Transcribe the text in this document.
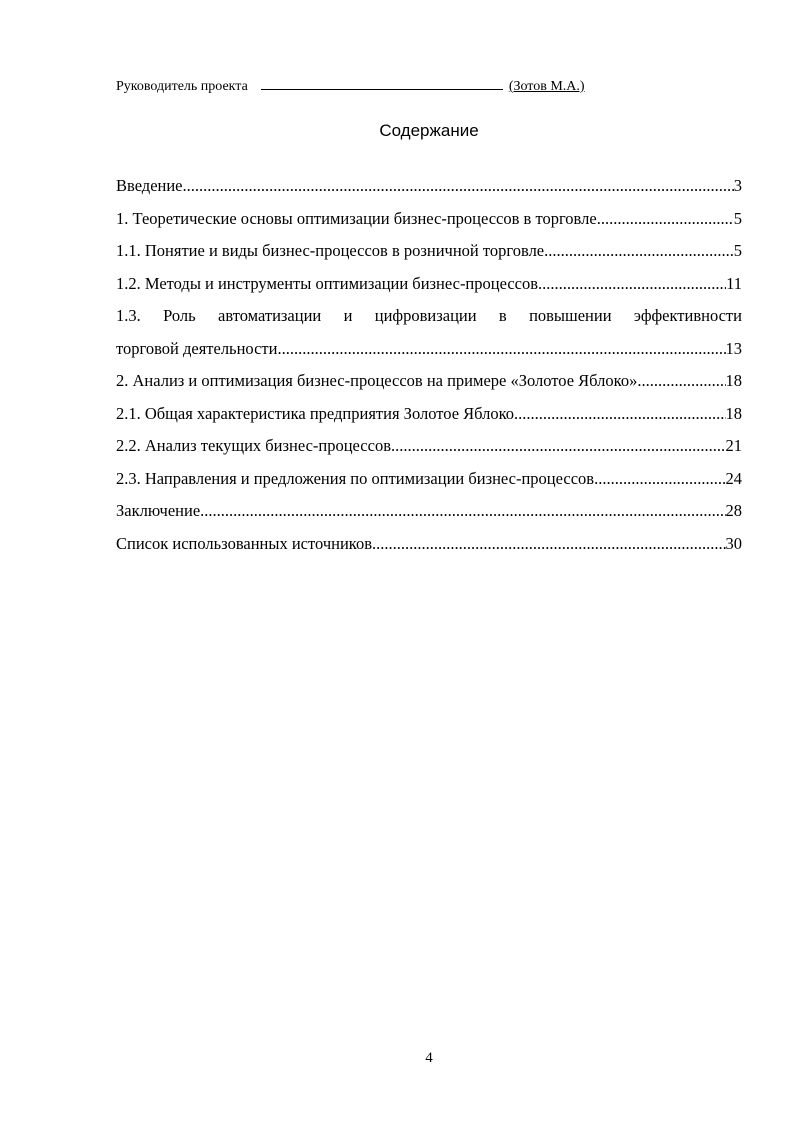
Руководитель проекта	(Зотов М.А.)
Содержание
Введение .....	3
1. Теоретические основы оптимизации бизнес-процессов в торговле .....	5
1.1. Понятие и виды бизнес-процессов в розничной торговле .....	5
1.2. Методы и инструменты оптимизации бизнес-процессов .....	11
1.3. Роль автоматизации и цифровизации в повышении эффективности
торговой деятельности .....	13
2. Анализ и оптимизация бизнес-процессов на примере «Золотое Яблоко» .....	18
2.1. Общая характеристика предприятия Золотое Яблоко .....	18
2.2. Анализ текущих бизнес-процессов .....	21
2.3. Направления и предложения по оптимизации бизнес-процессов .....	24
Заключение .....	28
Список использованных источников .....	30
4
